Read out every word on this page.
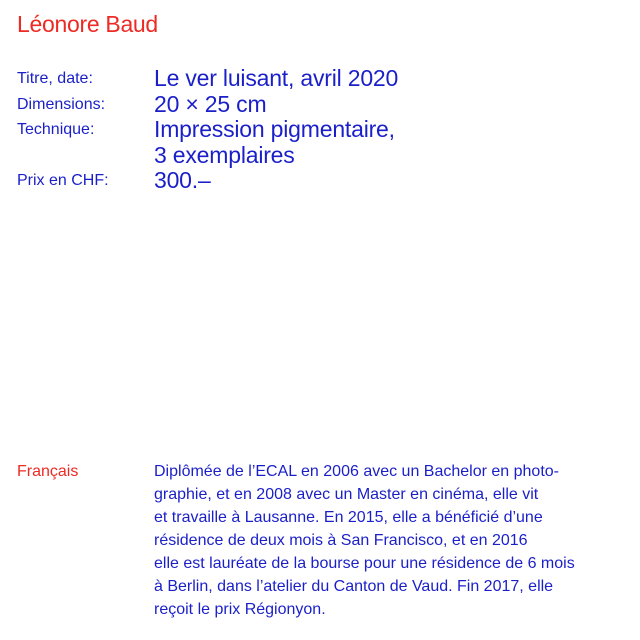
Léonore Baud
Titre, date:	Le ver luisant, avril 2020
Dimensions:	20 × 25 cm
Technique:	Impression pigmentaire,
3 exemplaires
Prix en CHF:	300.–
Français	Diplômée de l’ECAL en 2006 avec un Bachelor en photo-
graphie, et en 2008 avec un Master en cinéma, elle vit
et travaille à Lausanne. En 2015, elle a bénéficié d’une
résidence de deux mois à San Francisco, et en 2016
elle est lauréate de la bourse pour une résidence de 6 mois
à Berlin, dans l’atelier du Canton de Vaud. Fin 2017, elle
reçoit le prix Régionyon.
